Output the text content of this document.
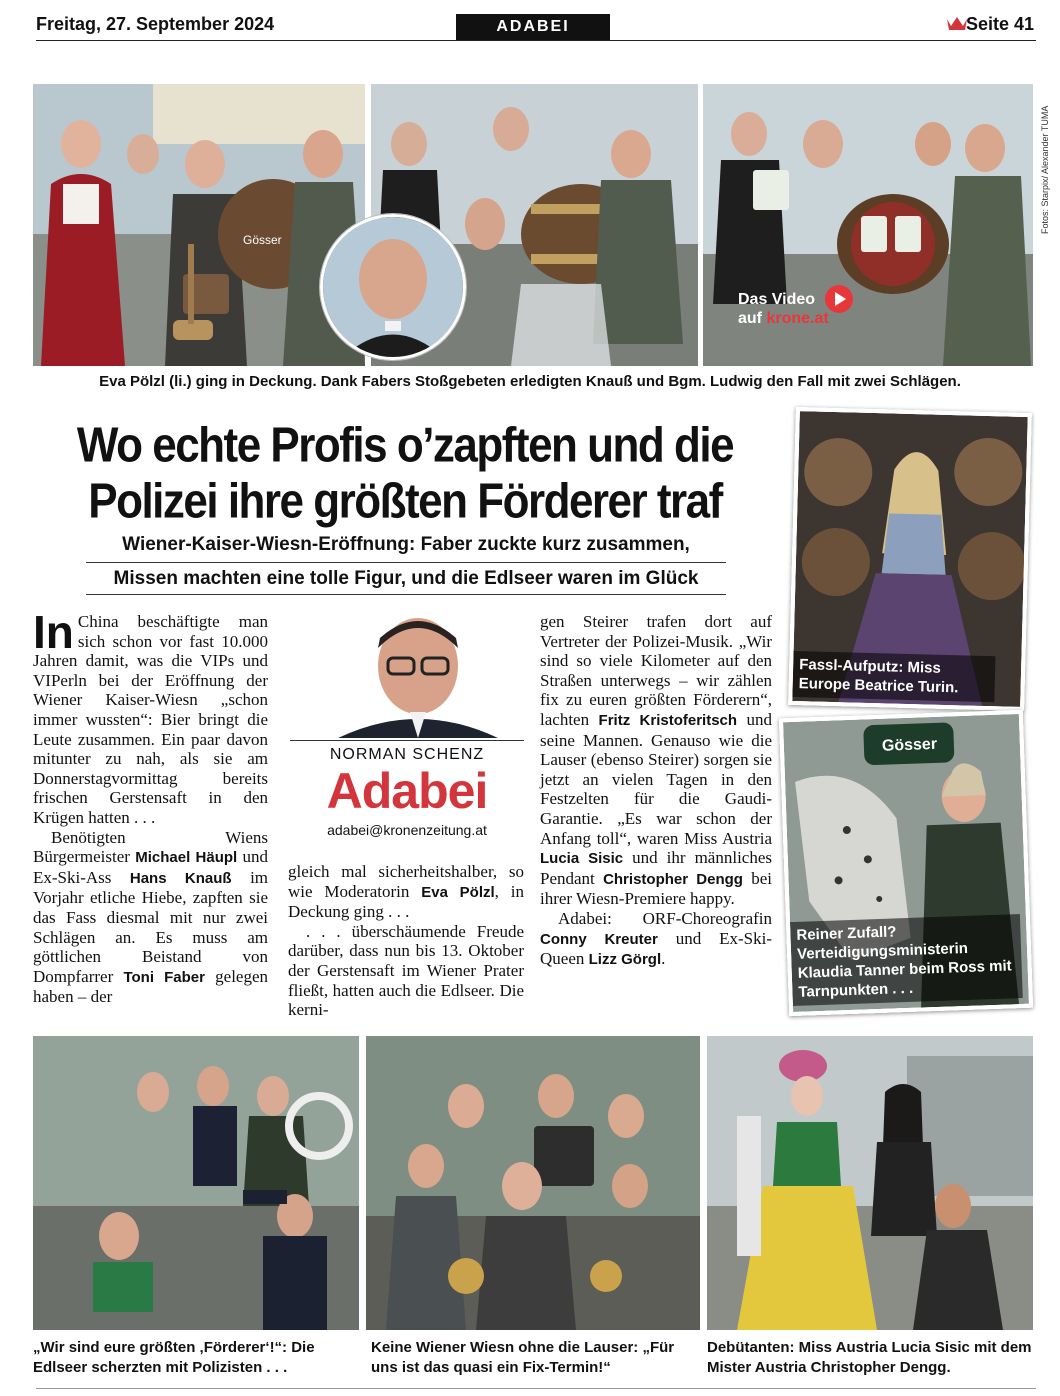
Freitag, 27. September 2024	ADABEI	Seite 41
Gösser
Das Video
auf krone.at
Fotos: Starpix/ Alexander TUMA
Eva Pölzl (li.) ging in Deckung. Dank Fabers Stoßgebeten erledigten Knauß und Bgm. Ludwig den Fall mit zwei Schlägen.
Wo echte Profis o’zapften und die
Polizei ihre größten Förderer traf
Wiener-Kaiser-Wiesn-Eröffnung: Faber zuckte kurz zusammen,
Missen machten eine tolle Figur, und die Edlseer waren im Glück

In China beschäftigte man sich schon vor fast 10.000 Jahren damit, was die VIPs und VIPerln bei der Eröffnung der Wiener Kaiser-Wiesn „schon immer wussten“: Bier bringt die Leute zusammen. Ein paar davon mitunter zu nah, als sie am Donnerstagvormittag bereits frischen Gerstensaft in den Krügen hatten . . .

Benötigten Wiens Bürgermeister Michael Häupl und Ex-Ski-Ass Hans Knauß im Vorjahr etliche Hiebe, zapften sie das Fass diesmal mit nur zwei Schlägen an. Es muss am göttlichen Beistand von Dompfarrer Toni Faber gelegen haben – der

NORMAN SCHENZ
Adabei
adabei@kronenzeitung.at

gleich mal sicherheitshalber, so wie Moderatorin Eva Pölzl, in Deckung ging . . .

. . . überschäumende Freude darüber, dass nun bis 13. Oktober der Gerstensaft im Wiener Prater fließt, hatten auch die Edlseer. Die kerni-

gen Steirer trafen dort auf Vertreter der Polizei-Musik. „Wir sind so viele Kilometer auf den Straßen unterwegs – wir zählen fix zu euren größten Förderern“, lachten Fritz Kristoferitsch und seine Mannen. Genauso wie die Lauser (ebenso Steirer) sorgen sie jetzt an vielen Tagen in den Festzelten für die Gaudi-Garantie. „Es war schon der Anfang toll“, waren Miss Austria Lucia Sisic und ihr männliches Pendant Christopher Dengg bei ihrer Wiesn-Premiere happy.

Adabei: ORF-Choreografin Conny Kreuter und Ex-Ski-Queen Lizz Görgl.

Fassl-Aufputz: Miss Europe Beatrice Turin.
Gösser
Reiner Zufall? Verteidigungsministerin Klaudia Tanner beim Ross mit Tarnpunkten . . .
„Wir sind eure größten ‚Förderer‘!“: Die Edlseer scherzten mit Polizisten . . .
Keine Wiener Wiesn ohne die Lauser: „Für uns ist das quasi ein Fix-Termin!“
Debütanten: Miss Austria Lucia Sisic mit dem Mister Austria Christopher Dengg.
